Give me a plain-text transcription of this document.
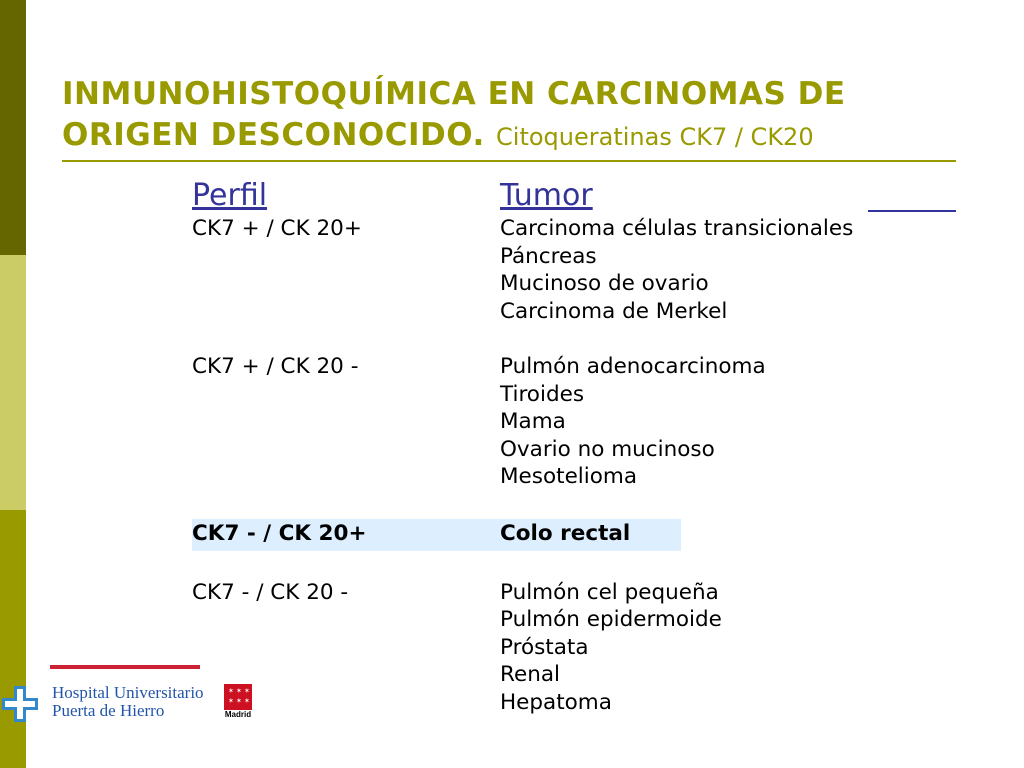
INMUNOHISTOQUÍMICA EN CARCINOMAS DE ORIGEN DESCONOCIDO. Citoqueratinas CK7 / CK20
Perfil	Tumor
CK7 + / CK 20+	Carcinoma células transicionales
Páncreas
Mucinoso de ovario
Carcinoma de Merkel
CK7 + / CK 20 -	Pulmón adenocarcinoma
Tiroides
Mama
Ovario no mucinoso
Mesotelioma
CK7 - / CK 20+	Colo rectal
CK7 - / CK 20 -	Pulmón cel pequeña
Pulmón epidermoide
Próstata
Renal
Hepatoma
Hospital Universitario
Puerta de Hierro
✶ ✶ ✶
✶ ✶ ✶
Madrid
